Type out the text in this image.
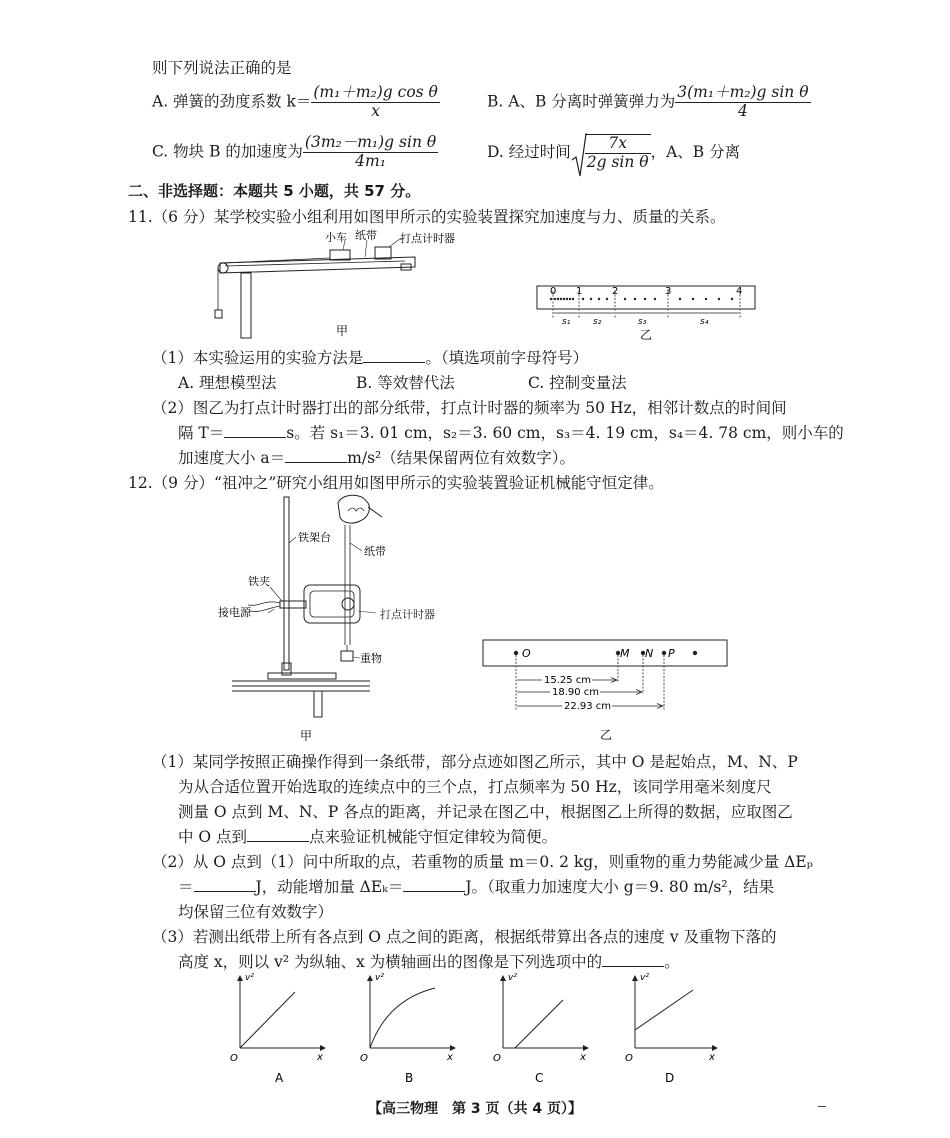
则下列说法正确的是
A. 弹簧的劲度系数 $k= \frac{\text{(m₁＋m₂)g cos θ}}{x}$	B. A、B 分离时弹簧弹力为 $\frac{\text{3(m₁＋m₂)g sin θ}}{4}$
C. 物块 B 的加速度为 $\frac{\text{(3m₂－m₁)g sin θ}}{\text{4m₁}}$	D. 经过时间 $\frac{7x}{\text{2g sin θ}}$ ，A、B 分离
二、非选择题：本题共 5 小题，共 57 分。
11.（6 分）某学校实验小组利用如图甲所示的实验装置探究加速度与力、质量的关系。
小车 纸带 打点计时器
甲
0 1	2	3	4
s₁	s₂	s₃	s₄
乙
（1）本实验运用的实验方法是	。（填选项前字母符号）
A. 理想模型法	B. 等效替代法	C. 控制变量法
（2）图乙为打点计时器打出的部分纸带，打点计时器的频率为 50 Hz，相邻计数点的时间间
隔 T＝	s。若 s₁＝3. 01 cm，s₂＝3. 60 cm，s₃＝4. 19 cm，s₄＝4. 78 cm，则小车的
加速度大小 a＝	m/s²（结果保留两位有效数字）。
12.（9 分）“祖冲之”研究小组用如图甲所示的实验装置验证机械能守恒定律。
铁架台
纸带
铁夹
接电源
重物
甲
打点计时器
O	M N P
15.25 cm
18.90 cm
22.93 cm
乙
（1）某同学按照正确操作得到一条纸带，部分点迹如图乙所示，其中 O 是起始点，M、N、P
为从合适位置开始选取的连续点中的三个点，打点频率为 50 Hz，该同学用毫米刻度尺
测量 O 点到 M、N、P 各点的距离，并记录在图乙中，根据图乙上所得的数据，应取图乙
中 O 点到	点来验证机械能守恒定律较为简便。
（2）从 O 点到（1）问中所取的点，若重物的质量 m＝0. 2 kg，则重物的重力势能减少量 ΔEₚ
＝	J，动能增加量 ΔEₖ＝	J。（取重力加速度大小 g＝9. 80 m/s²，结果
均保留三位有效数字）
（3）若测出纸带上所有各点到 O 点之间的距离，根据纸带算出各点的速度 v 及重物下落的
高度 x，则以 v² 为纵轴、x 为横轴画出的图像是下列选项中的	。
v²
x
O
A
v²
x
O
B
v²
x
O
C
v²
x
O
D
【高三物理　第 3 页（共 4 页）】
